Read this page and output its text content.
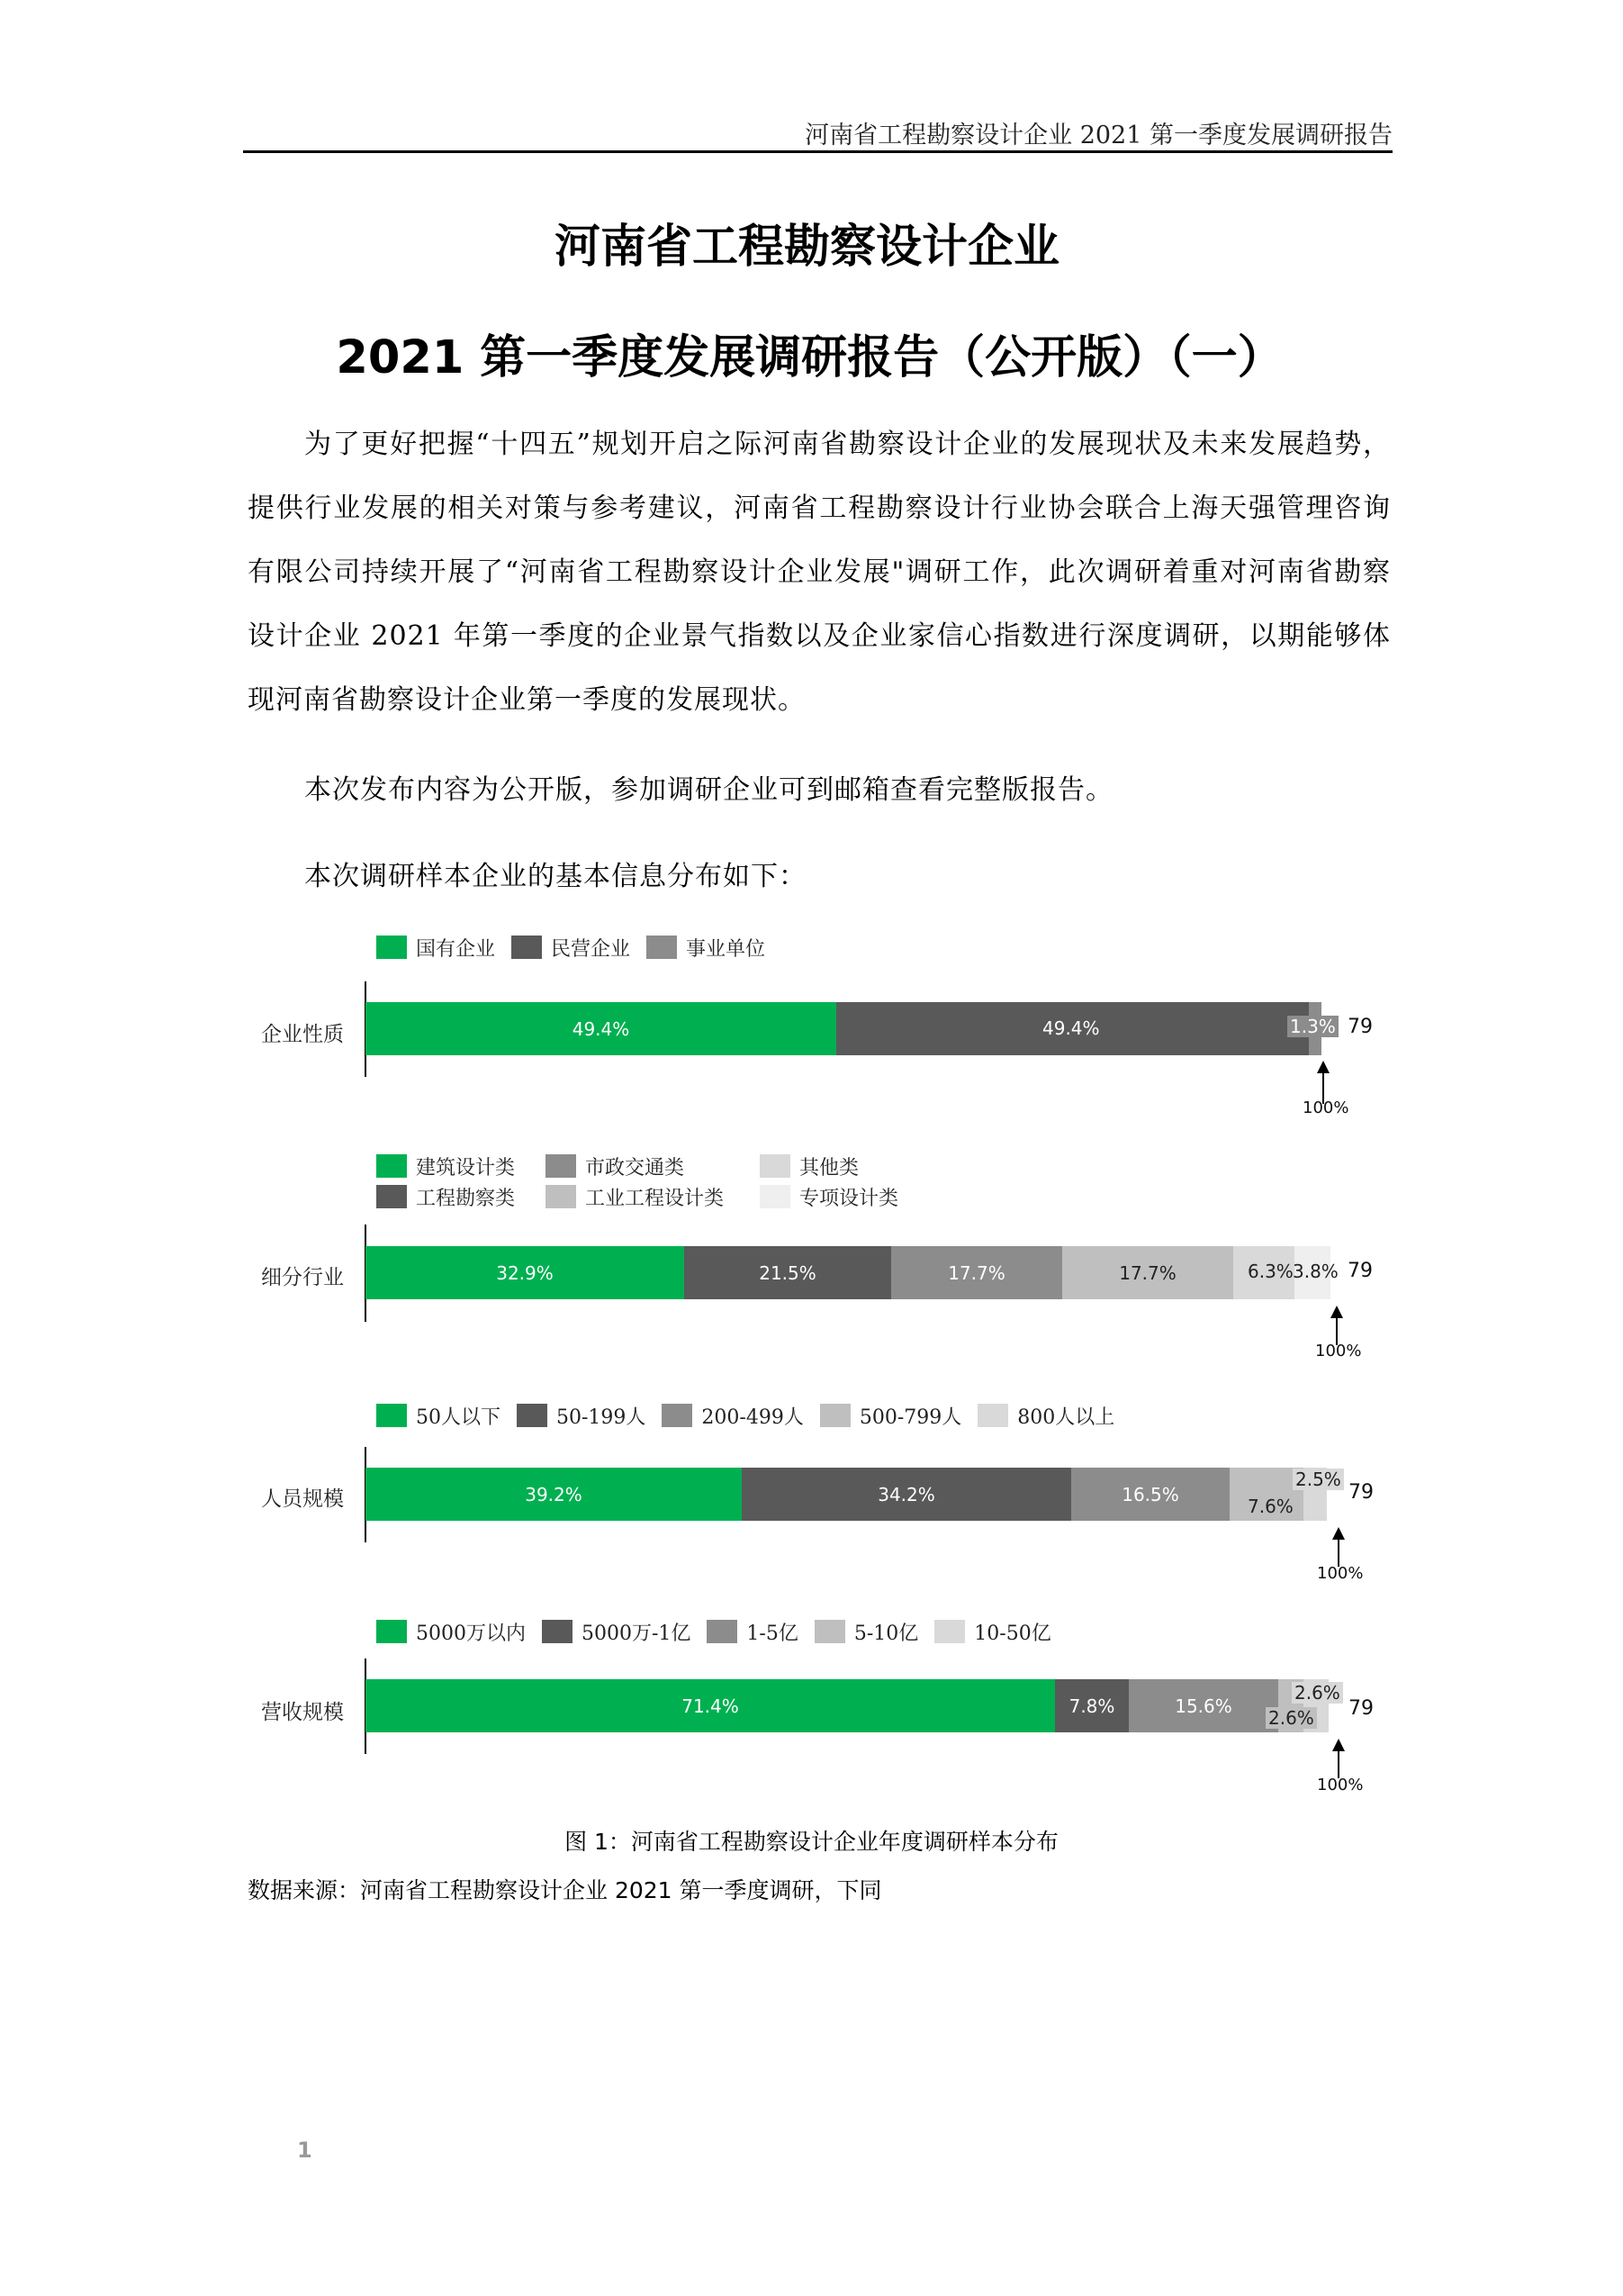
河南省工程勘察设计企业 2021 第一季度发展调研报告
河南省工程勘察设计企业
2021 第一季度发展调研报告（公开版）（一）

为了更好把握“十四五”规划开启之际河南省勘察设计企业的发展现状及未来发展趋势，提供行业发展的相关对策与参考建议，河南省工程勘察设计行业协会联合上海天强管理咨询有限公司持续开展了“河南省工程勘察设计企业发展"调研工作，此次调研着重对河南省勘察设计企业 2021 年第一季度的企业景气指数以及企业家信心指数进行深度调研，以期能够体现河南省勘察设计企业第一季度的发展现状。

本次发布内容为公开版，参加调研企业可到邮箱查看完整版报告。

本次调研样本企业的基本信息分布如下：

国有企业	民营企业	事业单位
企业性质	49.4%	49.4%	1.3% 79
100%
建筑设计类	市政交通类	其他类
工程勘察类	工业工程设计类	专项设计类
细分行业	32.9%	21.5%	17.7%	17.7%	6.3% 3.8% 79
100%
50人以下	50-199人	200-499人	500-799人	800人以上
人员规模	39.2%	34.2%	16.5%
7.6%
2.5%
79
100%
5000万以内	5000万-1亿	1-5亿	5-10亿	10-50亿
营收规模	71.4%	7.8%	15.6%
2.6%
2.6%
79
100%
图 1：河南省工程勘察设计企业年度调研样本分布
数据来源：河南省工程勘察设计企业 2021 第一季度调研，下同
1
